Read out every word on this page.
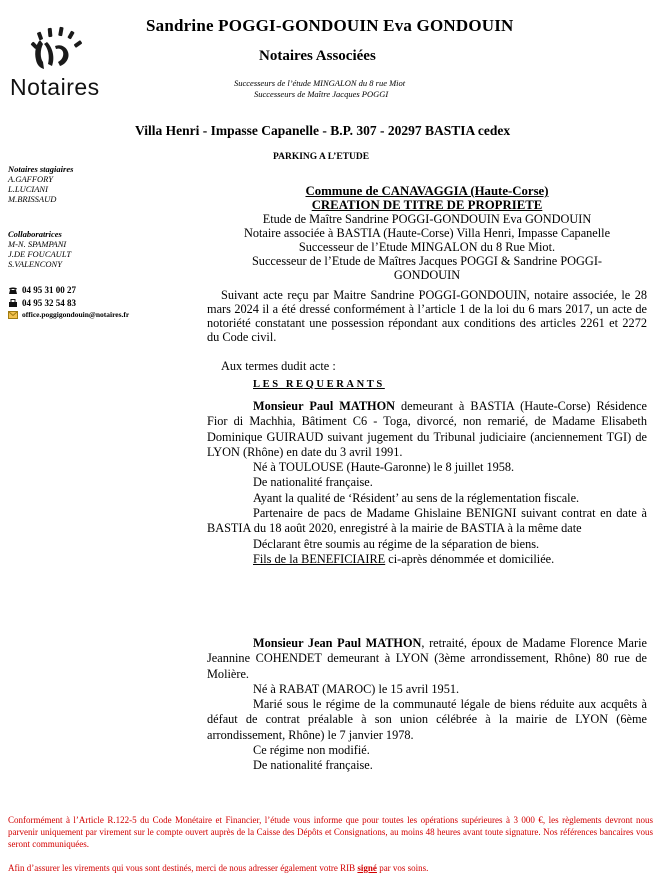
Notaires
Sandrine POGGI-GONDOUIN Eva GONDOUIN
Notaires Associées
Successeurs de l’étude MINGALON du 8 rue Miot
Successeurs de Maître Jacques POGGI
Villa Henri - Impasse Capanelle - B.P. 307 - 20297 BASTIA cedex
PARKING A L’ETUDE
Notaires stagiaires
A.GAFFORY
L.LUCIANI
M.BRISSAUD
Collaboratrices
M-N. SPAMPANI
J.DE FOUCAULT
S.VALENCONY
04 95 31 00 27
04 95 32 54 83
office.poggigondouin@notaires.fr
Commune de CANAVAGGIA (Haute-Corse)
CREATION DE TITRE DE PROPRIETE
Etude de Maître Sandrine POGGI-GONDOUIN Eva GONDOUIN
Notaire associée à BASTIA (Haute-Corse) Villa Henri, Impasse Capanelle
Successeur de l’Etude MINGALON du 8 Rue Miot.
Successeur de l’Etude de Maîtres Jacques POGGI & Sandrine POGGI-
GONDOUIN

Suivant acte reçu par Maitre Sandrine POGGI-GONDOUIN, notaire associée, le 28 mars 2024 il a été dressé conformément à l’article 1 de la loi du 6 mars 2017, un acte de notoriété constatant une possession répondant aux conditions des articles 2261 et 2272 du Code civil.

Aux termes dudit acte :
LES REQUERANTS

Monsieur Paul MATHON demeurant à BASTIA (Haute-Corse) Résidence Fior di Machhia, Bâtiment C6 - Toga, divorcé, non remarié, de Madame Elisabeth Dominique GUIRAUD suivant jugement du Tribunal judiciaire (anciennement TGI) de LYON (Rhône) en date du 3 avril 1991.

Né à TOULOUSE (Haute-Garonne) le 8 juillet 1958.

De nationalité française.

Ayant la qualité de ‘Résident’ au sens de la réglementation fiscale.

Partenaire de pacs de Madame Ghislaine BENIGNI suivant contrat en date à BASTIA du 18 août 2020, enregistré à la mairie de BASTIA à la même date

Déclarant être soumis au régime de la séparation de biens.

Fils de la BENEFICIAIRE ci-après dénommée et domiciliée.

Monsieur Jean Paul MATHON, retraité, époux de Madame Florence Marie Jeannine COHENDET demeurant à LYON (3ème arrondissement, Rhône) 80 rue de Molière.

Né à RABAT (MAROC) le 15 avril 1951.

Marié sous le régime de la communauté légale de biens réduite aux acquêts à défaut de contrat préalable à son union célébrée à la mairie de LYON (6ème arrondissement, Rhône) le 7 janvier 1978.

Ce régime non modifié.

De nationalité française.

Conformément à l’Article R.122-5 du Code Monétaire et Financier, l’étude vous informe que pour toutes les opérations supérieures à 3 000 €, les règlements devront nous parvenir uniquement par virement sur le compte ouvert auprès de la Caisse des Dépôts et Consignations, au moins 48 heures avant toute signature. Nos références bancaires vous seront communiquées.
Afin d’assurer les virements qui vous sont destinés, merci de nous adresser également votre RIB signé par vos soins.
